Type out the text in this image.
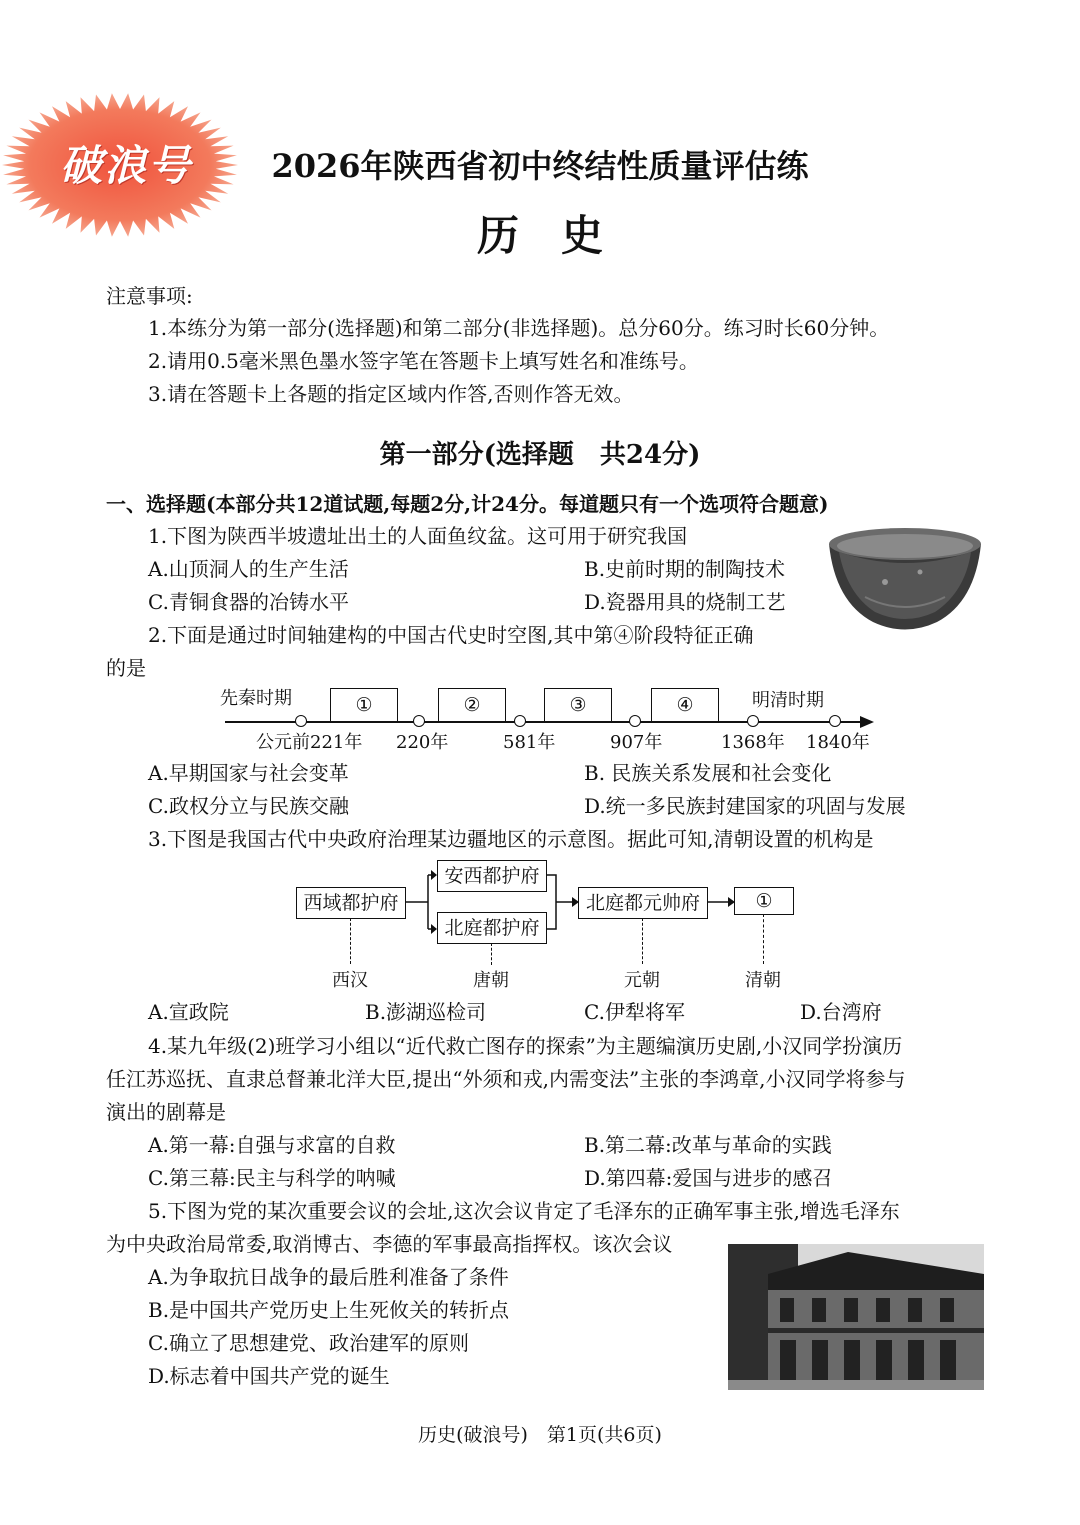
破浪号	2026年陕西省初中终结性质量评估练
历　史
注意事项:
1.本练分为第一部分(选择题)和第二部分(非选择题)。总分60分。练习时长60分钟。
2.请用0.5毫米黑色墨水签字笔在答题卡上填写姓名和准练号。
3.请在答题卡上各题的指定区域内作答,否则作答无效。
第一部分(选择题　共24分)
一、选择题(本部分共12道试题,每题2分,计24分。每道题只有一个选项符合题意)
1.下图为陕西半坡遗址出土的人面鱼纹盆。这可用于研究我国
A.山顶洞人的生产生活	B.史前时期的制陶技术
C.青铜食器的冶铸水平	D.瓷器用具的烧制工艺
2.下面是通过时间轴建构的中国古代史时空图,其中第④阶段特征正确
的是
先秦时期	明清时期
①	②	③	④
公元前221年 220年	581年	907年	1368年 1840年
A.早期国家与社会变革	B. 民族关系发展和社会变化
C.政权分立与民族交融	D.统一多民族封建国家的巩固与发展
3.下图是我国古代中央政府治理某边疆地区的示意图。据此可知,清朝设置的机构是
西域都护府
安西都护府
北庭都护府
北庭都元帅府	①
西汉	唐朝	元朝	清朝
A.宣政院	B.澎湖巡检司	C.伊犁将军	D.台湾府
4.某九年级(2)班学习小组以“近代救亡图存的探索”为主题编演历史剧,小汉同学扮演历
任江苏巡抚、直隶总督兼北洋大臣,提出“外须和戎,内需变法”主张的李鸿章,小汉同学将参与
演出的剧幕是
A.第一幕:自强与求富的自救	B.第二幕:改革与革命的实践
C.第三幕:民主与科学的呐喊	D.第四幕:爱国与进步的感召
5.下图为党的某次重要会议的会址,这次会议肯定了毛泽东的正确军事主张,增选毛泽东
为中央政治局常委,取消博古、李德的军事最高指挥权。该次会议
A.为争取抗日战争的最后胜利准备了条件
B.是中国共产党历史上生死攸关的转折点
C.确立了思想建党、政治建军的原则
D.标志着中国共产党的诞生
历史(破浪号)　第1页(共6页)
